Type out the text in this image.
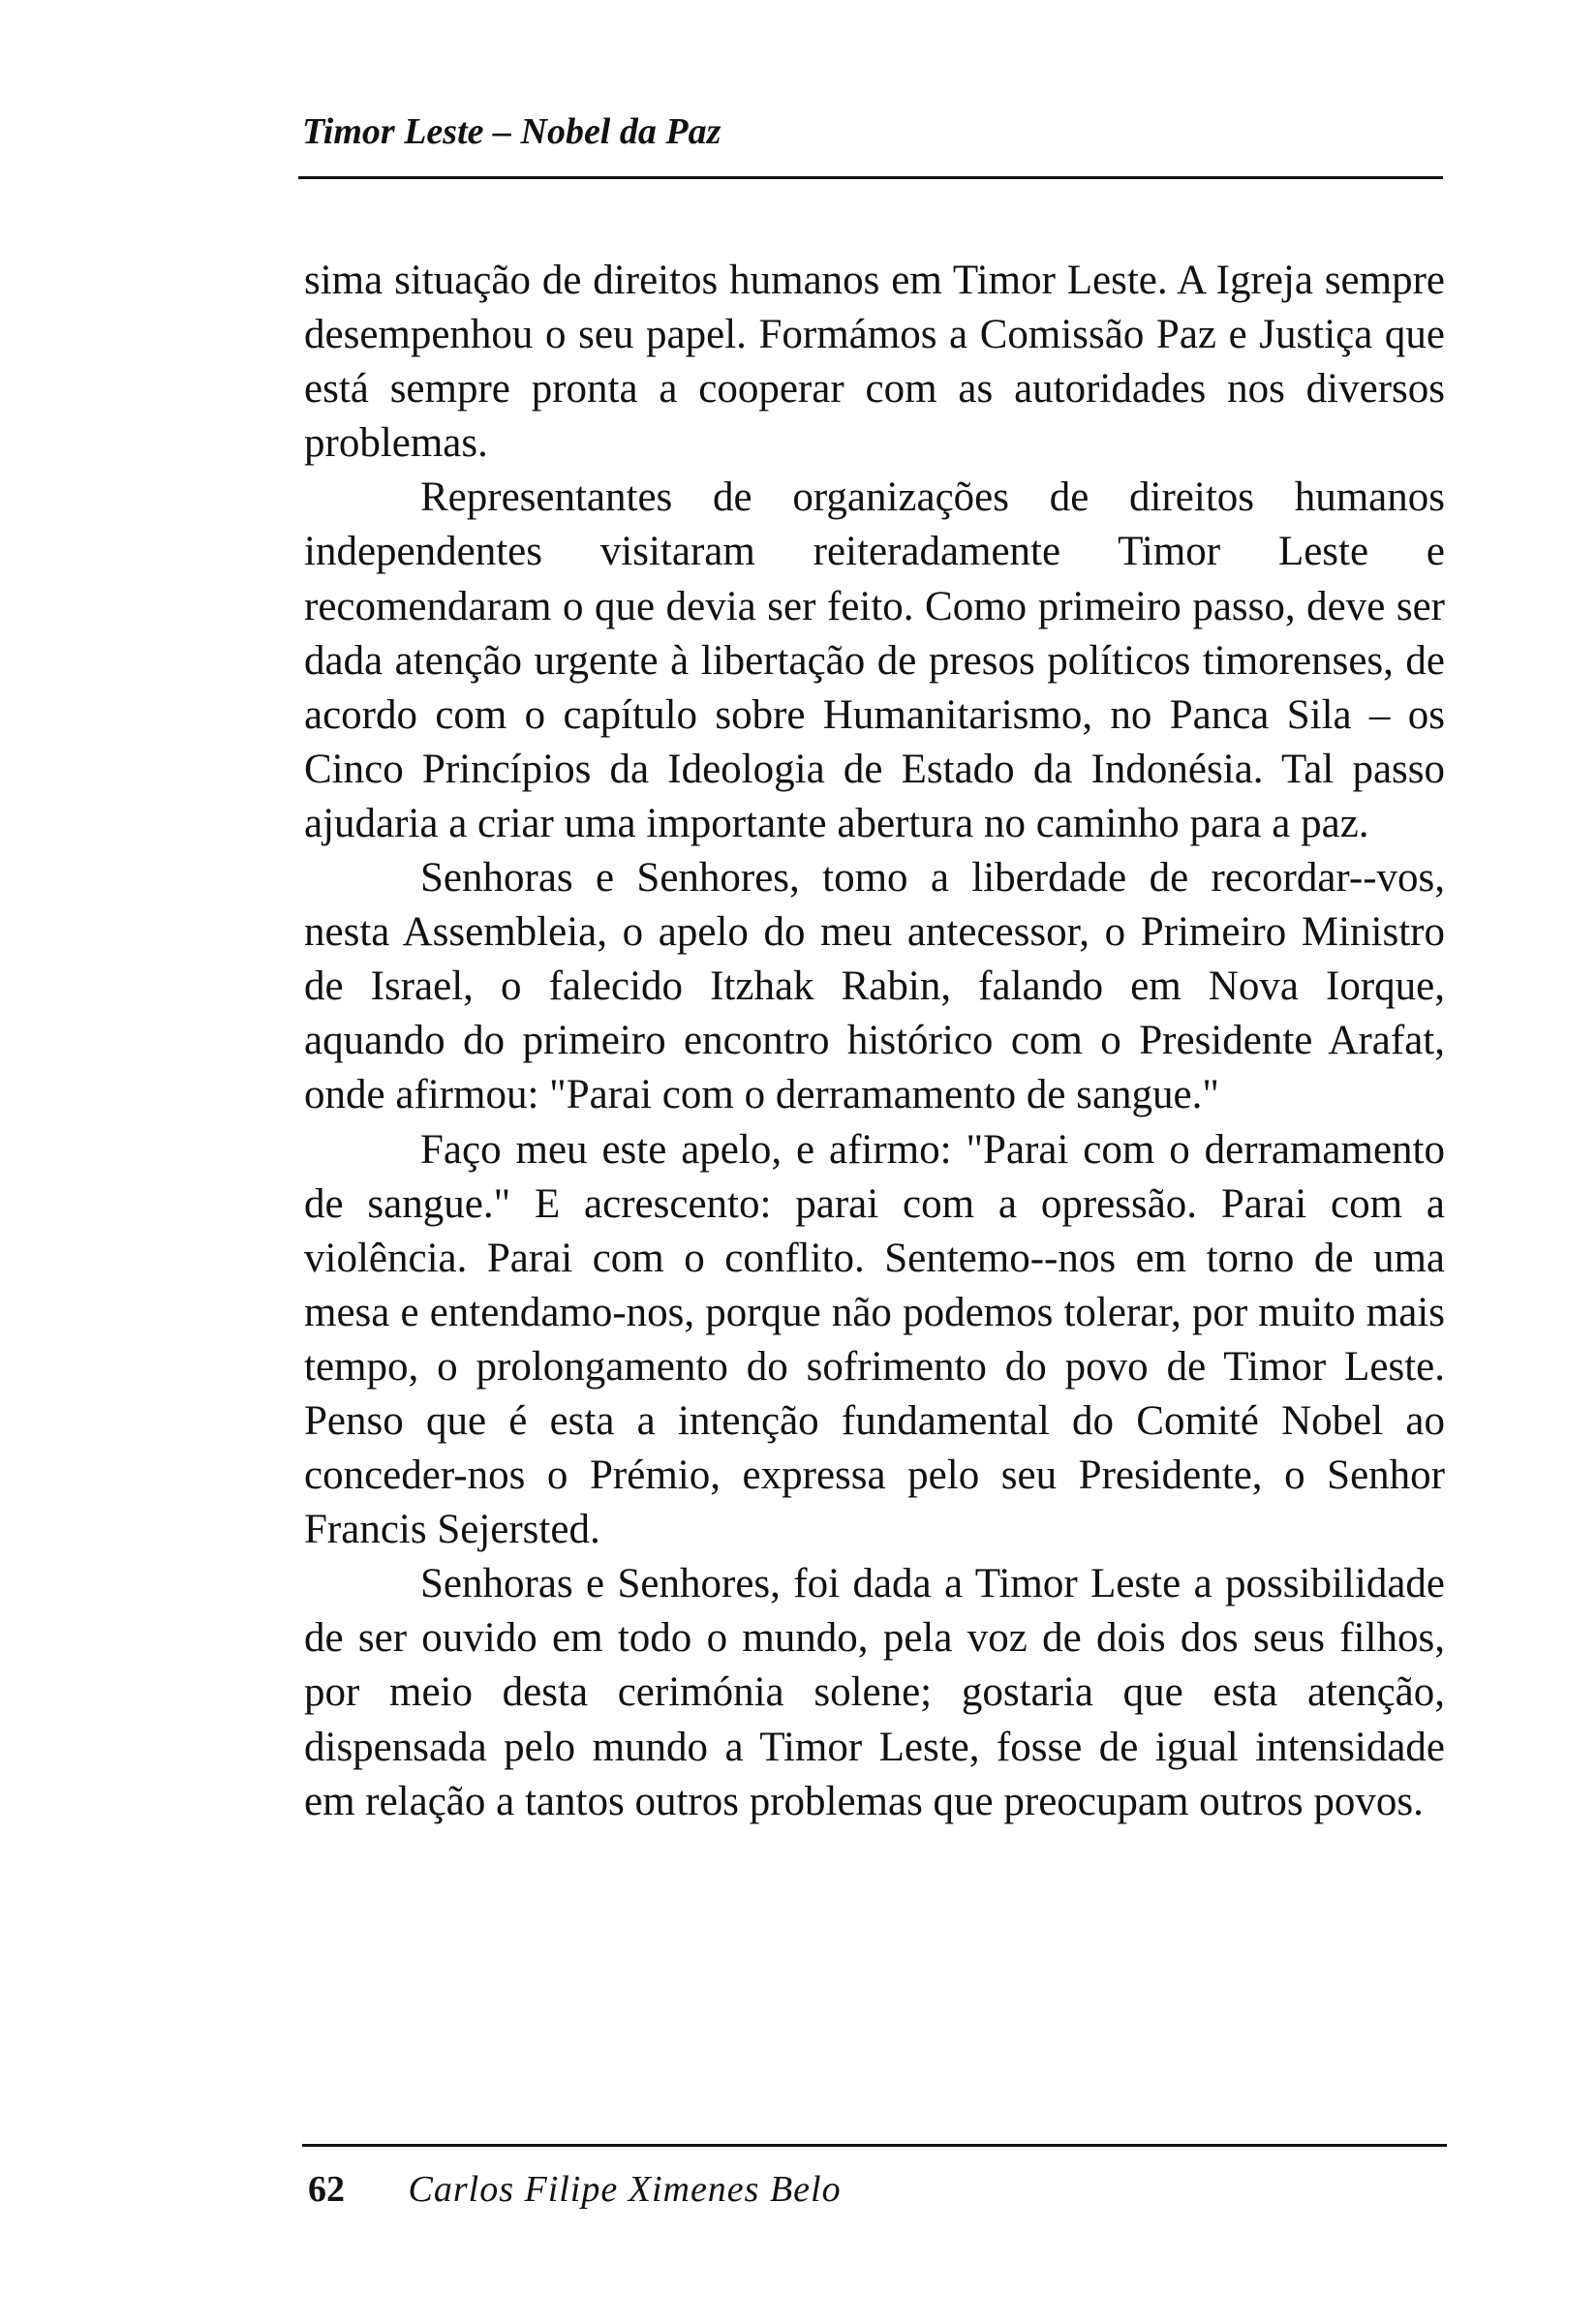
Timor Leste – Nobel da Paz

sima situação de direitos humanos em Timor Leste. A Igreja sempre desempenhou o seu papel. Formámos a Comissão Paz e Justiça que está sempre pronta a cooperar com as autoridades nos diversos problemas.

Representantes de organizações de direitos humanos independentes visitaram reiteradamente Timor Leste e recomendaram o que devia ser feito. Como primeiro passo, deve ser dada atenção urgente à libertação de presos políticos timorenses, de acordo com o capítulo sobre Humanitarismo, no Panca Sila – os Cinco Princípios da Ideologia de Estado da Indonésia. Tal passo ajudaria a criar uma importante abertura no caminho para a paz.

Senhoras e Senhores, tomo a liberdade de recordar--vos, nesta Assembleia, o apelo do meu antecessor, o Primeiro Ministro de Israel, o falecido Itzhak Rabin, falando em Nova Iorque, aquando do primeiro encontro histórico com o Presidente Arafat, onde afirmou: "Parai com o derramamento de sangue."

Faço meu este apelo, e afirmo: "Parai com o derramamento de sangue." E acrescento: parai com a opressão. Parai com a violência. Parai com o conflito. Sentemo--nos em torno de uma mesa e entendamo-nos, porque não podemos tolerar, por muito mais tempo, o prolongamento do sofrimento do povo de Timor Leste. Penso que é esta a intenção fundamental do Comité Nobel ao conceder-nos o Prémio, expressa pelo seu Presidente, o Senhor Francis Sejersted.

Senhoras e Senhores, foi dada a Timor Leste a possibilidade de ser ouvido em todo o mundo, pela voz de dois dos seus filhos, por meio desta cerimónia solene; gostaria que esta atenção, dispensada pelo mundo a Timor Leste, fosse de igual intensidade em relação a tantos outros problemas que preocupam outros povos.

62 Carlos Filipe Ximenes Belo
